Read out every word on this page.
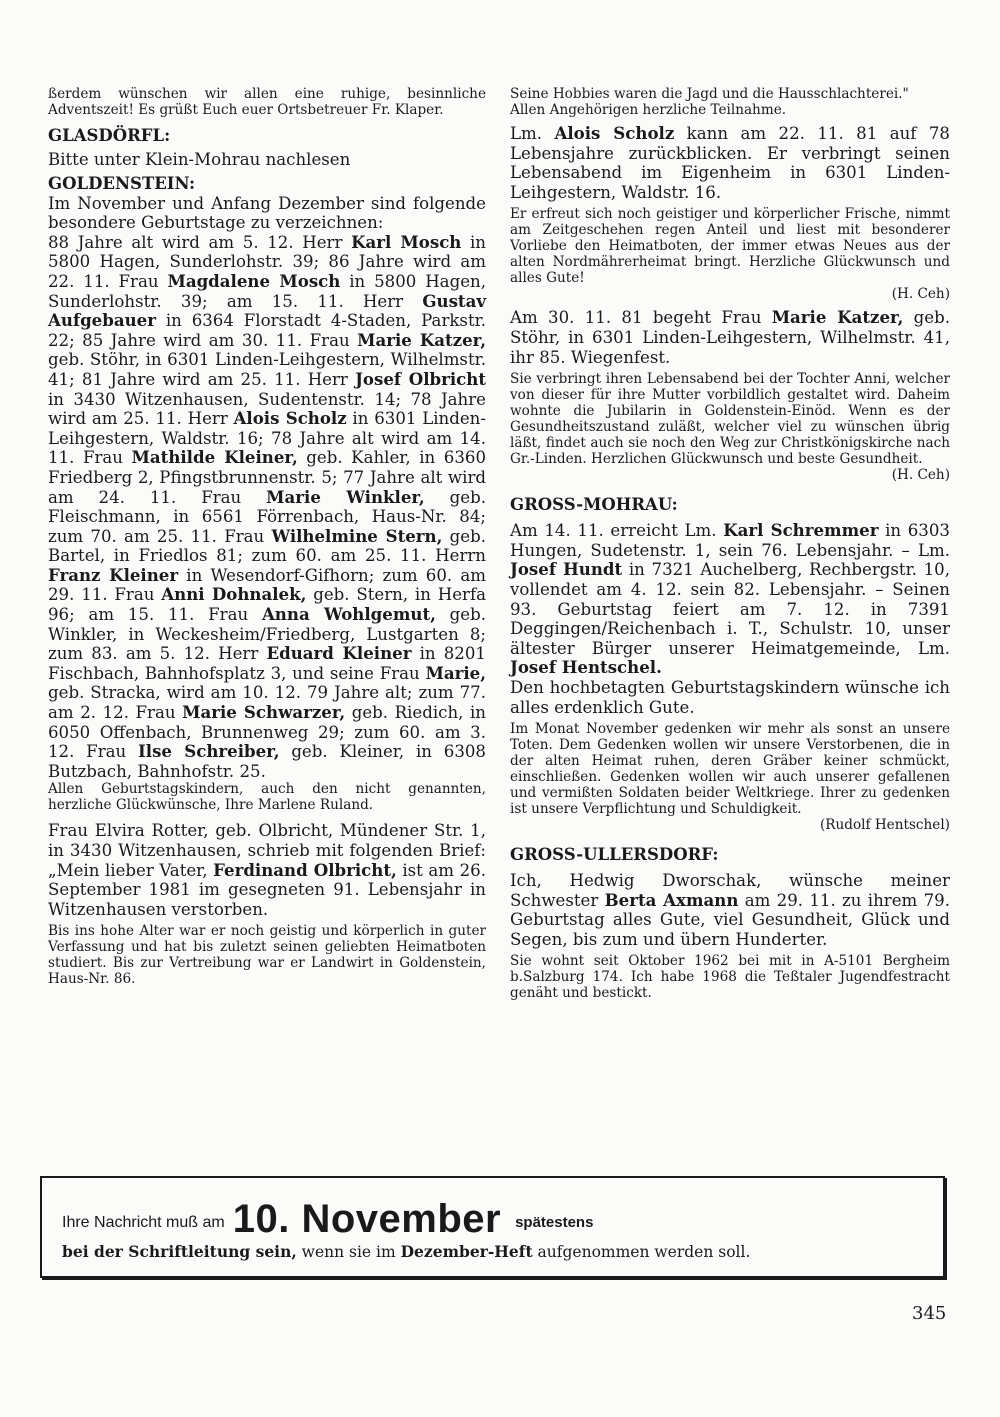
ßerdem wünschen wir allen eine ruhige, besinnliche Adventszeit! Es grüßt Euch euer Ortsbetreuer Fr. Klaper.

GLASDÖRFL:

Bitte unter Klein-Mohrau nachlesen

GOLDENSTEIN:

Im November und Anfang Dezember sind folgende besondere Geburtstage zu verzeichnen:

88 Jahre alt wird am 5. 12. Herr Karl Mosch in 5800 Hagen, Sunderlohstr. 39; 86 Jahre wird am 22. 11. Frau Magdalene Mosch in 5800 Hagen, Sunderlohstr. 39; am 15. 11. Herr Gustav Aufgebauer in 6364 Florstadt 4-Staden, Parkstr. 22; 85 Jahre wird am 30. 11. Frau Marie Katzer, geb. Stöhr, in 6301 Linden-Leihgestern, Wilhelmstr. 41; 81 Jahre wird am 25. 11. Herr Josef Olbricht in 3430 Witzenhausen, Sudentenstr. 14; 78 Jahre wird am 25. 11. Herr Alois Scholz in 6301 Linden-Leihgestern, Waldstr. 16; 78 Jahre alt wird am 14. 11. Frau Mathilde Kleiner, geb. Kahler, in 6360 Friedberg 2, Pfingstbrunnenstr. 5; 77 Jahre alt wird am 24. 11. Frau Marie Winkler, geb. Fleischmann, in 6561 Förrenbach, Haus-Nr. 84; zum 70. am 25. 11. Frau Wilhelmine Stern, geb. Bartel, in Friedlos 81; zum 60. am 25. 11. Herrn Franz Kleiner in Wesendorf-Gifhorn; zum 60. am 29. 11. Frau Anni Dohnalek, geb. Stern, in Herfa 96; am 15. 11. Frau Anna Wohlgemut, geb. Winkler, in Weckesheim/Friedberg, Lustgarten 8; zum 83. am 5. 12. Herr Eduard Kleiner in 8201 Fischbach, Bahnhofsplatz 3, und seine Frau Marie, geb. Stracka, wird am 10. 12. 79 Jahre alt; zum 77. am 2. 12. Frau Marie Schwarzer, geb. Riedich, in 6050 Offenbach, Brunnenweg 29; zum 60. am 3. 12. Frau Ilse Schreiber, geb. Kleiner, in 6308 Butzbach, Bahnhofstr. 25.

Allen Geburtstagskindern, auch den nicht genannten, herzliche Glückwünsche, Ihre Marlene Ruland.

Frau Elvira Rotter, geb. Olbricht, Mündener Str. 1, in 3430 Witzenhausen, schrieb mit folgenden Brief: „Mein lieber Vater, Ferdinand Olbricht, ist am 26. September 1981 im gesegneten 91. Lebensjahr in Witzenhausen verstorben.

Bis ins hohe Alter war er noch geistig und körperlich in guter Verfassung und hat bis zuletzt seinen geliebten Heimatboten studiert. Bis zur Vertreibung war er Landwirt in Goldenstein, Haus-Nr. 86.

Seine Hobbies waren die Jagd und die Hausschlachterei."

Allen Angehörigen herzliche Teilnahme.

Lm. Alois Scholz kann am 22. 11. 81 auf 78 Lebensjahre zurückblicken. Er verbringt seinen Lebensabend im Eigenheim in 6301 Linden-Leihgestern, Waldstr. 16.

Er erfreut sich noch geistiger und körperlicher Frische, nimmt am Zeitgeschehen regen Anteil und liest mit besonderer Vorliebe den Heimatboten, der immer etwas Neues aus der alten Nordmährerheimat bringt. Herzliche Glückwunsch und alles Gute!

(H. Ceh)

Am 30. 11. 81 begeht Frau Marie Katzer, geb. Stöhr, in 6301 Linden-Leihgestern, Wilhelmstr. 41, ihr 85. Wiegenfest.

Sie verbringt ihren Lebensabend bei der Tochter Anni, welcher von dieser für ihre Mutter vorbildlich gestaltet wird. Daheim wohnte die Jubilarin in Goldenstein-Einöd. Wenn es der Gesundheitszustand zuläßt, welcher viel zu wünschen übrig läßt, findet auch sie noch den Weg zur Christkönigskirche nach Gr.-Linden. Herzlichen Glückwunsch und beste Gesundheit.

(H. Ceh)

GROSS-MOHRAU:

Am 14. 11. erreicht Lm. Karl Schremmer in 6303 Hungen, Sudetenstr. 1, sein 76. Lebensjahr. – Lm. Josef Hundt in 7321 Auchelberg, Rechbergstr. 10, vollendet am 4. 12. sein 82. Lebensjahr. – Seinen 93. Geburtstag feiert am 7. 12. in 7391 Deggingen/Reichenbach i. T., Schulstr. 10, unser ältester Bürger unserer Heimatgemeinde, Lm. Josef Hentschel.

Den hochbetagten Geburtstagskindern wünsche ich alles erdenklich Gute.

Im Monat November gedenken wir mehr als sonst an unsere Toten. Dem Gedenken wollen wir unsere Verstorbenen, die in der alten Heimat ruhen, deren Gräber keiner schmückt, einschließen. Gedenken wollen wir auch unserer gefallenen und vermißten Soldaten beider Weltkriege. Ihrer zu gedenken ist unsere Verpflichtung und Schuldigkeit.

(Rudolf Hentschel)

GROSS-ULLERSDORF:

Ich, Hedwig Dworschak, wünsche meiner Schwester Berta Axmann am 29. 11. zu ihrem 79. Geburtstag alles Gute, viel Gesundheit, Glück und Segen, bis zum und übern Hunderter.

Sie wohnt seit Oktober 1962 bei mit in A-5101 Bergheim b.Salzburg 174. Ich habe 1968 die Teßtaler Jugendfestracht genäht und bestickt.

Ihre Nachricht muß am 10. November spätestens
bei der Schriftleitung sein, wenn sie im Dezember-Heft aufgenommen werden soll.
345
